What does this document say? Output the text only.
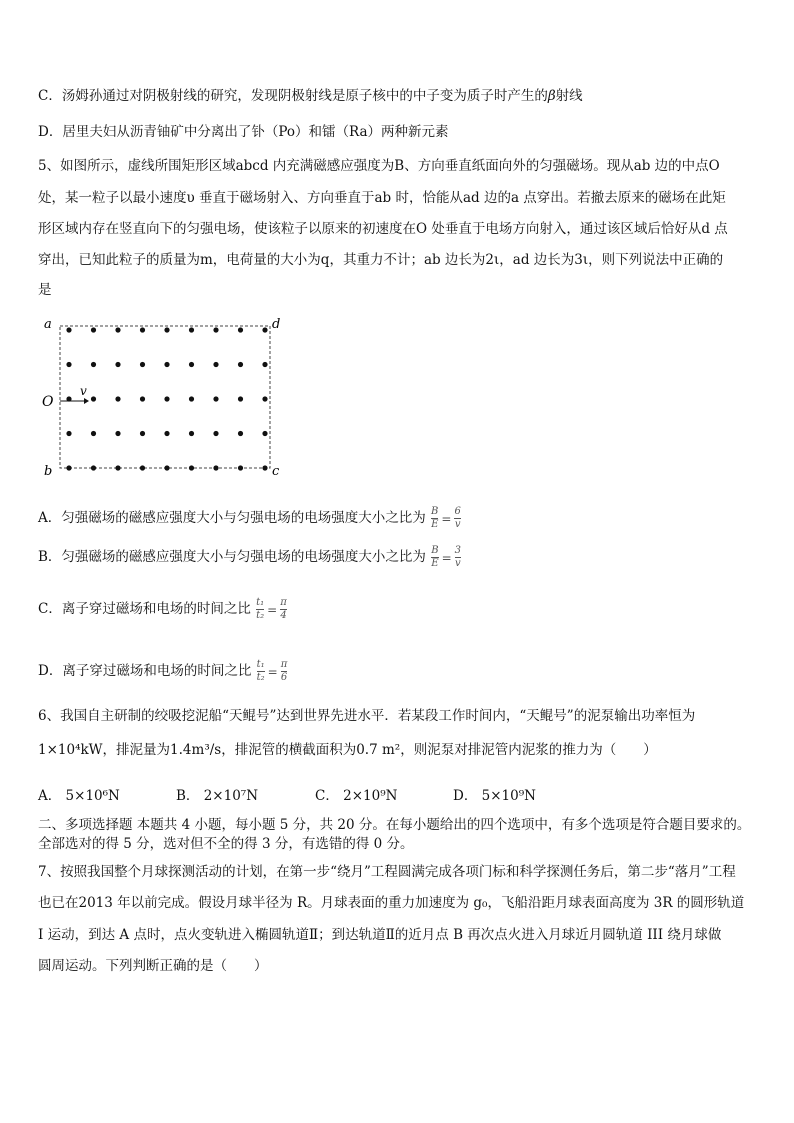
C．汤姆孙通过对阴极射线的研究，发现阴极射线是原子核中的中子变为质子时产生的β射线
D．居里夫妇从沥青铀矿中分离出了钋（Po）和镭（Ra）两种新元素
5、如图所示，虚线所围矩形区域abcd 内充满磁感应强度为B、方向垂直纸面向外的匀强磁场。现从ab 边的中点O
处，某一粒子以最小速度υ 垂直于磁场射入、方向垂直于ab 时，恰能从ad 边的a 点穿出。若撤去原来的磁场在此矩
形区域内存在竖直向下的匀强电场，使该粒子以原来的初速度在O 处垂直于电场方向射入，通过该区域后恰好从d 点
穿出，已知此粒子的质量为m，电荷量的大小为q，其重力不计；ab 边长为2ι，ad 边长为3ι，则下列说法中正确的
是
a	d
b	c
O
v
A．匀强磁场的磁感应强度大小与匀强电场的电场强度大小之比为 $\frac{B}{E} = \frac{6}{v}$
B．匀强磁场的磁感应强度大小与匀强电场的电场强度大小之比为 $\frac{B}{E} = \frac{3}{v}$
C．离子穿过磁场和电场的时间之比 $\frac{\text{t₁}}{\text{t₂}} = \frac{\pi}{4}$
D．离子穿过磁场和电场的时间之比 $\frac{\text{t₁}}{\text{t₂}} = \frac{\pi}{6}$
6、我国自主研制的绞吸挖泥船“天鲲号”达到世界先进水平．若某段工作时间内，“天鲲号”的泥泵输出功率恒为
1×10⁴kW，排泥量为1.4m³/s，排泥管的横截面积为0.7 m²，则泥泵对排泥管内泥浆的推力为（　　）
A． 5×10⁶N	B． 2×10⁷N	C． 2×10⁹N	D． 5×10⁹N
二、多项选择题 本题共 4 小题，每小题 5 分，共 20 分。在每小题给出的四个选项中，有多个选项是符合题目要求的。
全部选对的得 5 分，选对但不全的得 3 分，有选错的得 0 分。
7、按照我国整个月球探测活动的计划，在第一步“绕月”工程圆满完成各项门标和科学探测任务后，第二步“落月”工程
也已在2013 年以前完成。假设月球半径为 R。月球表面的重力加速度为 g₀，飞船沿距月球表面高度为 3R 的圆形轨道
I 运动，到达 A 点时，点火变轨进入椭圆轨道Ⅱ；到达轨道Ⅱ的近月点 B 再次点火进入月球近月圆轨道 III 绕月球做
圆周运动。下列判断正确的是（　　）
